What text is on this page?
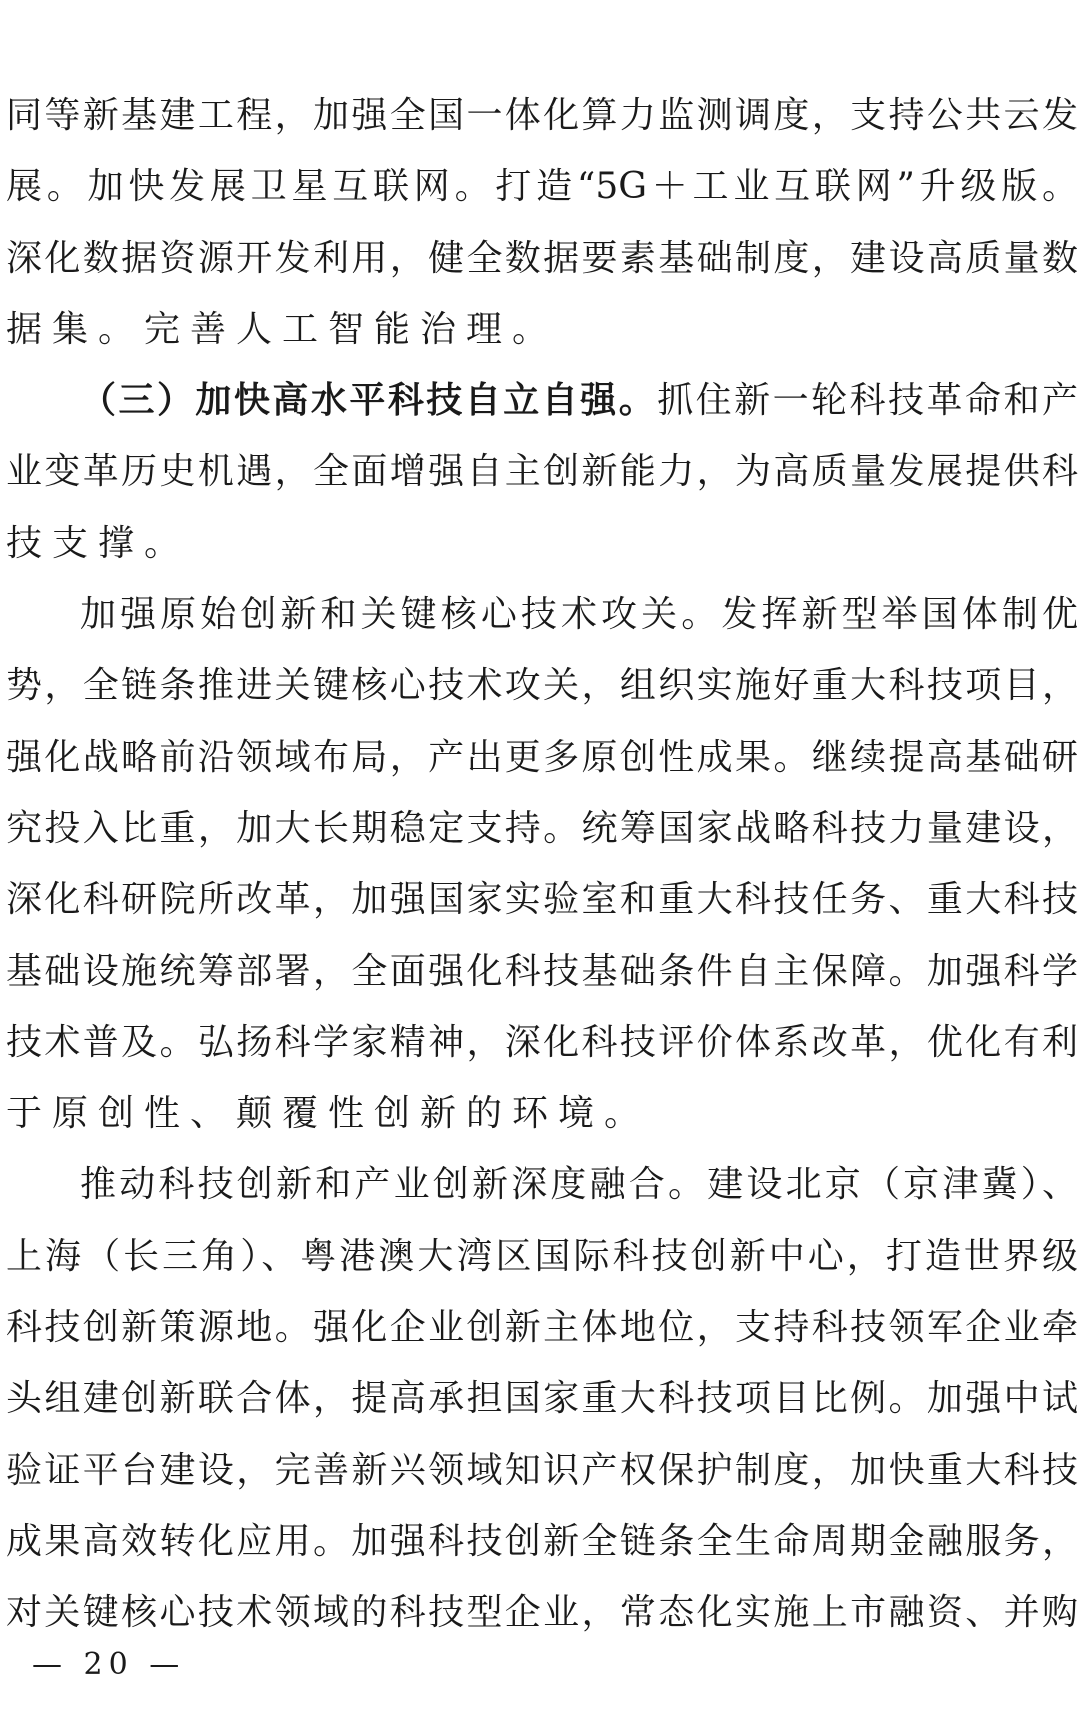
同等新基建工程，加强全国一体化算力监测调度，支持公共云发
展。加快发展卫星互联网。打造“5G＋工业互联网”升级版。
深化数据资源开发利用，健全数据要素基础制度，建设高质量数
据集。完善人工智能治理。
（三）加快高水平科技自立自强。抓住新一轮科技革命和产
业变革历史机遇，全面增强自主创新能力，为高质量发展提供科
技支撑。
加强原始创新和关键核心技术攻关。发挥新型举国体制优
势，全链条推进关键核心技术攻关，组织实施好重大科技项目，
强化战略前沿领域布局，产出更多原创性成果。继续提高基础研
究投入比重，加大长期稳定支持。统筹国家战略科技力量建设，
深化科研院所改革，加强国家实验室和重大科技任务、重大科技
基础设施统筹部署，全面强化科技基础条件自主保障。加强科学
技术普及。弘扬科学家精神，深化科技评价体系改革，优化有利
于原创性、颠覆性创新的环境。
推动科技创新和产业创新深度融合。建设北京（京津冀）、
上海（长三角）、粤港澳大湾区国际科技创新中心，打造世界级
科技创新策源地。强化企业创新主体地位，支持科技领军企业牵
头组建创新联合体，提高承担国家重大科技项目比例。加强中试
验证平台建设，完善新兴领域知识产权保护制度，加快重大科技
成果高效转化应用。加强科技创新全链条全生命周期金融服务，
对关键核心技术领域的科技型企业，常态化实施上市融资、并购
— 20 —
